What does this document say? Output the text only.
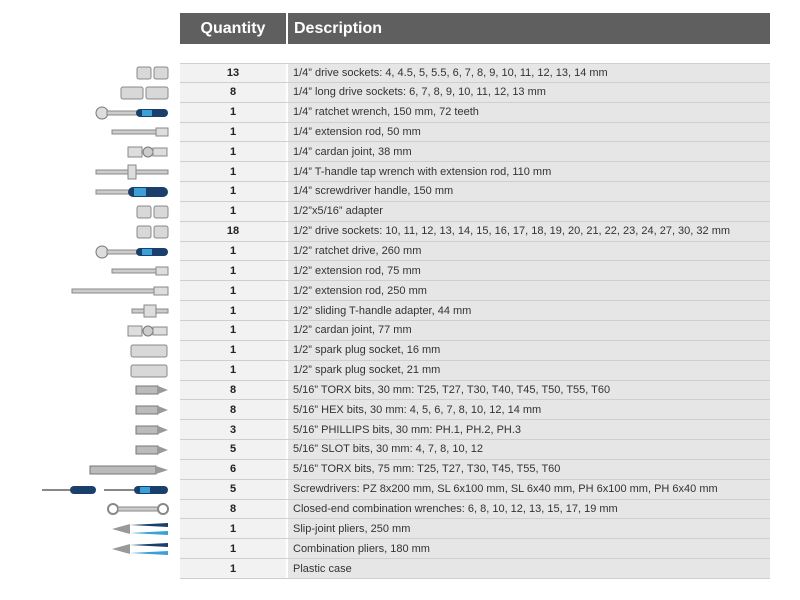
Quantity	Description
13	1/4” drive sockets: 4, 4.5, 5, 5.5, 6, 7, 8, 9, 10, 11, 12, 13, 14 mm
8	1/4” long drive sockets: 6, 7, 8, 9, 10, 11, 12, 13 mm
1	1/4” ratchet wrench, 150 mm, 72 teeth
1	1/4” extension rod, 50 mm
1	1/4” cardan joint, 38 mm
1	1/4” T-handle tap wrench with extension rod, 110 mm
1	1/4” screwdriver handle, 150 mm
1	1/2”x5/16” adapter
18	1/2” drive sockets: 10, 11, 12, 13, 14, 15, 16, 17, 18, 19, 20, 21, 22, 23, 24, 27, 30, 32 mm
1	1/2” ratchet drive, 260 mm
1	1/2” extension rod, 75 mm
1	1/2” extension rod, 250 mm
1	1/2” sliding T-handle adapter, 44 mm
1	1/2” cardan joint, 77 mm
1	1/2” spark plug socket, 16 mm
1	1/2” spark plug socket, 21 mm
8	5/16” TORX bits, 30 mm: T25, T27, T30, T40, T45, T50, T55, T60
8	5/16” HEX bits, 30 mm: 4, 5, 6, 7, 8, 10, 12, 14 mm
3	5/16” PHILLIPS bits, 30 mm: PH.1, PH.2, PH.3
5	5/16” SLOT bits, 30 mm: 4, 7, 8, 10, 12
6	5/16” TORX bits, 75 mm: T25, T27, T30, T45, T55, T60
5	Screwdrivers: PZ 8x200 mm, SL 6x100 mm, SL 6x40 mm, PH 6x100 mm, PH 6x40 mm
8	Closed-end combination wrenches: 6, 8, 10, 12, 13, 15, 17, 19 mm
1	Slip-joint pliers, 250 mm
1	Combination pliers, 180 mm
1	Plastic case
